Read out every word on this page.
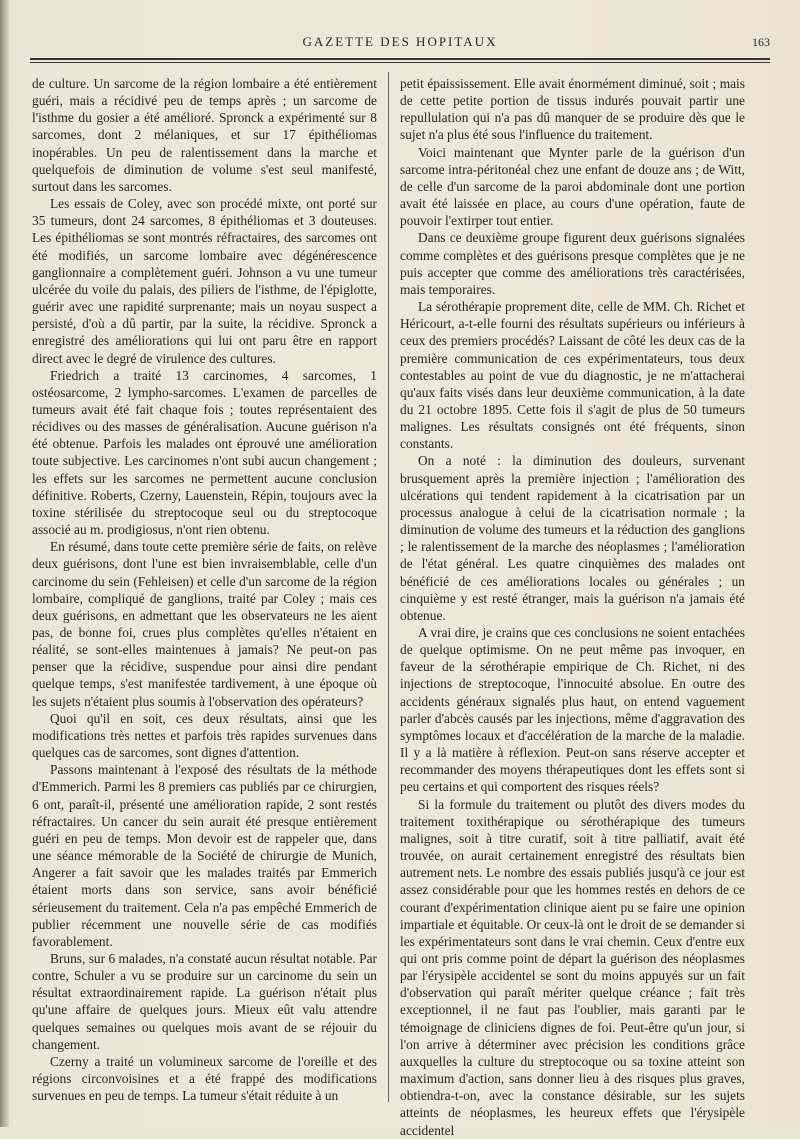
GAZETTE DES HOPITAUX	163

de culture. Un sarcome de la région lombaire a été entièrement guéri, mais a récidivé peu de temps après ; un sarcome de l'isthme du gosier a été amélioré. Spronck a expérimenté sur 8 sarcomes, dont 2 mélaniques, et sur 17 épithéliomas inopérables. Un peu de ralentissement dans la marche et quelquefois de diminution de volume s'est seul manifesté, surtout dans les sarcomes.

Les essais de Coley, avec son procédé mixte, ont porté sur 35 tumeurs, dont 24 sarcomes, 8 épithéliomas et 3 douteuses. Les épithéliomas se sont montrés réfractaires, des sarcomes ont été modifiés, un sarcome lombaire avec dégénérescence ganglionnaire a complètement guéri. Johnson a vu une tumeur ulcérée du voile du palais, des piliers de l'isthme, de l'épiglotte, guérir avec une rapidité surprenante; mais un noyau suspect a persisté, d'où a dû partir, par la suite, la récidive. Spronck a enregistré des améliorations qui lui ont paru être en rapport direct avec le degré de virulence des cultures.

Friedrich a traité 13 carcinomes, 4 sarcomes, 1 ostéosarcome, 2 lympho-sarcomes. L'examen de parcelles de tumeurs avait été fait chaque fois ; toutes représentaient des récidives ou des masses de généralisation. Aucune guérison n'a été obtenue. Parfois les malades ont éprouvé une amélioration toute subjective. Les carcinomes n'ont subi aucun changement ; les effets sur les sarcomes ne permettent aucune conclusion définitive. Roberts, Czerny, Lauenstein, Répin, toujours avec la toxine stérilisée du streptocoque seul ou du streptocoque associé au m. prodigiosus, n'ont rien obtenu.

En résumé, dans toute cette première série de faits, on relève deux guérisons, dont l'une est bien invraisemblable, celle d'un carcinome du sein (Fehleisen) et celle d'un sarcome de la région lombaire, compliqué de ganglions, traité par Coley ; mais ces deux guérisons, en admettant que les observateurs ne les aient pas, de bonne foi, crues plus complètes qu'elles n'étaient en réalité, se sont-elles maintenues à jamais? Ne peut-on pas penser que la récidive, suspendue pour ainsi dire pendant quelque temps, s'est manifestée tardivement, à une époque où les sujets n'étaient plus soumis à l'observation des opérateurs?

Quoi qu'il en soit, ces deux résultats, ainsi que les modifications très nettes et parfois très rapides survenues dans quelques cas de sarcomes, sont dignes d'attention.

Passons maintenant à l'exposé des résultats de la méthode d'Emmerich. Parmi les 8 premiers cas publiés par ce chirurgien, 6 ont, paraît-il, présenté une amélioration rapide, 2 sont restés réfractaires. Un cancer du sein aurait été presque entièrement guéri en peu de temps. Mon devoir est de rappeler que, dans une séance mémorable de la Société de chirurgie de Munich, Angerer a fait savoir que les malades traités par Emmerich étaient morts dans son service, sans avoir bénéficié sérieusement du traitement. Cela n'a pas empêché Emmerich de publier récemment une nouvelle série de cas modifiés favorablement.

Bruns, sur 6 malades, n'a constaté aucun résultat notable. Par contre, Schuler a vu se produire sur un carcinome du sein un résultat extraordinairement rapide. La guérison n'était plus qu'une affaire de quelques jours. Mieux eût valu attendre quelques semaines ou quelques mois avant de se réjouir du changement.

Czerny a traité un volumineux sarcome de l'oreille et des régions circonvoisines et a été frappé des modifications survenues en peu de temps. La tumeur s'était réduite à un

petit épaississement. Elle avait énormément diminué, soit ; mais de cette petite portion de tissus indurés pouvait partir une repullulation qui n'a pas dû manquer de se produire dès que le sujet n'a plus été sous l'influence du traitement.

Voici maintenant que Mynter parle de la guérison d'un sarcome intra-péritonéal chez une enfant de douze ans ; de Witt, de celle d'un sarcome de la paroi abdominale dont une portion avait été laissée en place, au cours d'une opération, faute de pouvoir l'extirper tout entier.

Dans ce deuxième groupe figurent deux guérisons signalées comme complètes et des guérisons presque complètes que je ne puis accepter que comme des améliorations très caractérisées, mais temporaires.

La sérothérapie proprement dite, celle de MM. Ch. Richet et Héricourt, a-t-elle fourni des résultats supérieurs ou inférieurs à ceux des premiers procédés? Laissant de côté les deux cas de la première communication de ces expérimentateurs, tous deux contestables au point de vue du diagnostic, je ne m'attacherai qu'aux faits visés dans leur deuxième communication, à la date du 21 octobre 1895. Cette fois il s'agit de plus de 50 tumeurs malignes. Les résultats consignés ont été fréquents, sinon constants.

On a noté : la diminution des douleurs, survenant brusquement après la première injection ; l'amélioration des ulcérations qui tendent rapidement à la cicatrisation par un processus analogue à celui de la cicatrisation normale ; la diminution de volume des tumeurs et la réduction des ganglions ; le ralentissement de la marche des néoplasmes ; l'amélioration de l'état général. Les quatre cinquièmes des malades ont bénéficié de ces améliorations locales ou générales ; un cinquième y est resté étranger, mais la guérison n'a jamais été obtenue.

A vrai dire, je crains que ces conclusions ne soient entachées de quelque optimisme. On ne peut même pas invoquer, en faveur de la sérothérapie empirique de Ch. Richet, ni des injections de streptocoque, l'innocuité absolue. En outre des accidents généraux signalés plus haut, on entend vaguement parler d'abcès causés par les injections, même d'aggravation des symptômes locaux et d'accélération de la marche de la maladie. Il y a là matière à réflexion. Peut-on sans réserve accepter et recommander des moyens thérapeutiques dont les effets sont si peu certains et qui comportent des risques réels?

Si la formule du traitement ou plutôt des divers modes du traitement toxithérapique ou sérothérapique des tumeurs malignes, soit à titre curatif, soit à titre palliatif, avait été trouvée, on aurait certainement enregistré des résultats bien autrement nets. Le nombre des essais publiés jusqu'à ce jour est assez considérable pour que les hommes restés en dehors de ce courant d'expérimentation clinique aient pu se faire une opinion impartiale et équitable. Or ceux-là ont le droit de se demander si les expérimentateurs sont dans le vrai chemin. Ceux d'entre eux qui ont pris comme point de départ la guérison des néoplasmes par l'érysipèle accidentel se sont du moins appuyés sur un fait d'observation qui paraît mériter quelque créance ; fait très exceptionnel, il ne faut pas l'oublier, mais garanti par le témoignage de cliniciens dignes de foi. Peut-être qu'un jour, si l'on arrive à déterminer avec précision les conditions grâce auxquelles la culture du streptocoque ou sa toxine atteint son maximum d'action, sans donner lieu à des risques plus graves, obtiendra-t-on, avec la constance désirable, sur les sujets atteints de néoplasmes, les heureux effets que l'érysipèle accidentel
